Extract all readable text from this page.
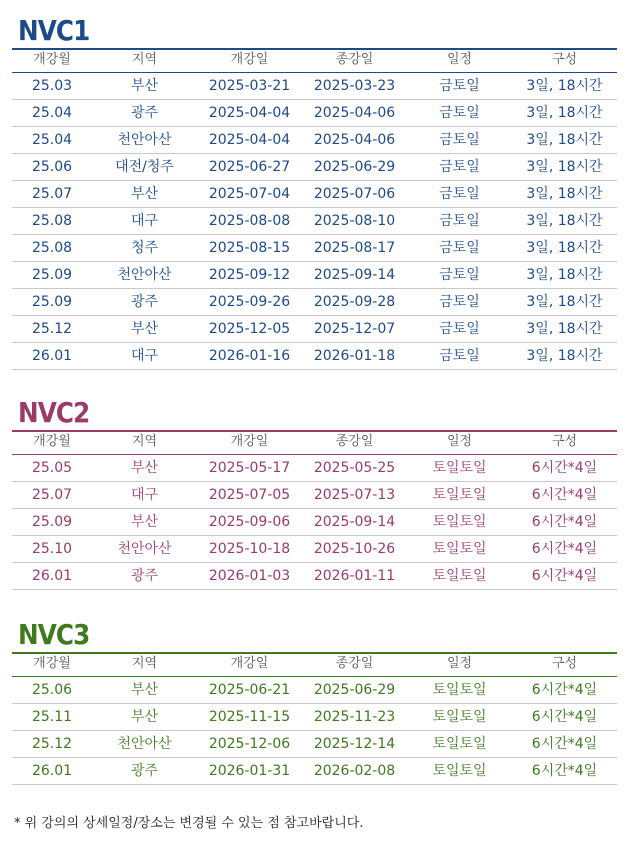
NVC1
개강월	지역	개강일	종강일	일정	구성
25.03	부산	2025-03-21	2025-03-23	금토일	3일, 18시간
25.04	광주	2025-04-04	2025-04-06	금토일	3일, 18시간
25.04	천안아산	2025-04-04	2025-04-06	금토일	3일, 18시간
25.06	대전/청주	2025-06-27	2025-06-29	금토일	3일, 18시간
25.07	부산	2025-07-04	2025-07-06	금토일	3일, 18시간
25.08	대구	2025-08-08	2025-08-10	금토일	3일, 18시간
25.08	청주	2025-08-15	2025-08-17	금토일	3일, 18시간
25.09	천안아산	2025-09-12	2025-09-14	금토일	3일, 18시간
25.09	광주	2025-09-26	2025-09-28	금토일	3일, 18시간
25.12	부산	2025-12-05	2025-12-07	금토일	3일, 18시간
26.01	대구	2026-01-16	2026-01-18	금토일	3일, 18시간
NVC2
개강월	지역	개강일	종강일	일정	구성
25.05	부산	2025-05-17	2025-05-25	토일토일	6시간*4일
25.07	대구	2025-07-05	2025-07-13	토일토일	6시간*4일
25.09	부산	2025-09-06	2025-09-14	토일토일	6시간*4일
25.10	천안아산	2025-10-18	2025-10-26	토일토일	6시간*4일
26.01	광주	2026-01-03	2026-01-11	토일토일	6시간*4일
NVC3
개강월	지역	개강일	종강일	일정	구성
25.06	부산	2025-06-21	2025-06-29	토일토일	6시간*4일
25.11	부산	2025-11-15	2025-11-23	토일토일	6시간*4일
25.12	천안아산	2025-12-06	2025-12-14	토일토일	6시간*4일
26.01	광주	2026-01-31	2026-02-08	토일토일	6시간*4일
* 위 강의의 상세일정/장소는 변경될 수 있는 점 참고바랍니다.
